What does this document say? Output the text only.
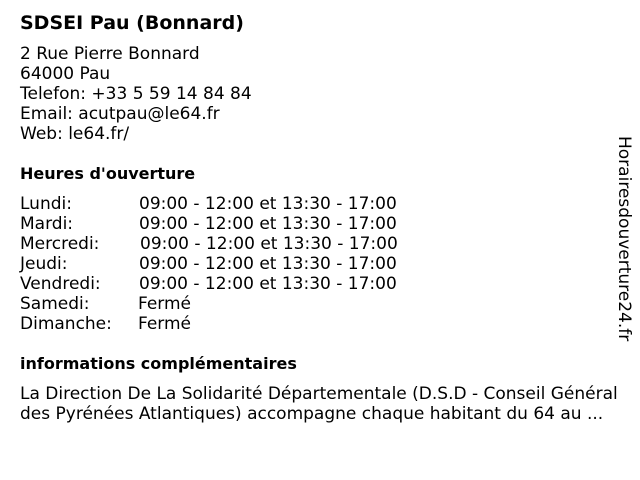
SDSEI Pau (Bonnard)
2 Rue Pierre Bonnard
64000 Pau
Telefon: +33 5 59 14 84 84
Email: acutpau@le64.fr
Web: le64.fr/
Heures d'ouverture
Lundi:	09:00 - 12:00 et 13:30 - 17:00
Mardi:	09:00 - 12:00 et 13:30 - 17:00
Mercredi: 09:00 - 12:00 et 13:30 - 17:00
Jeudi:	09:00 - 12:00 et 13:30 - 17:00
Vendredi: 09:00 - 12:00 et 13:30 - 17:00
Samedi:	Fermé
Dimanche: Fermé
informations complémentaires
La Direction De La Solidarité Départementale (D.S.D - Conseil Général des Pyrénées Atlantiques) accompagne chaque habitant du 64 au ...
Horairesdouverture24.fr
